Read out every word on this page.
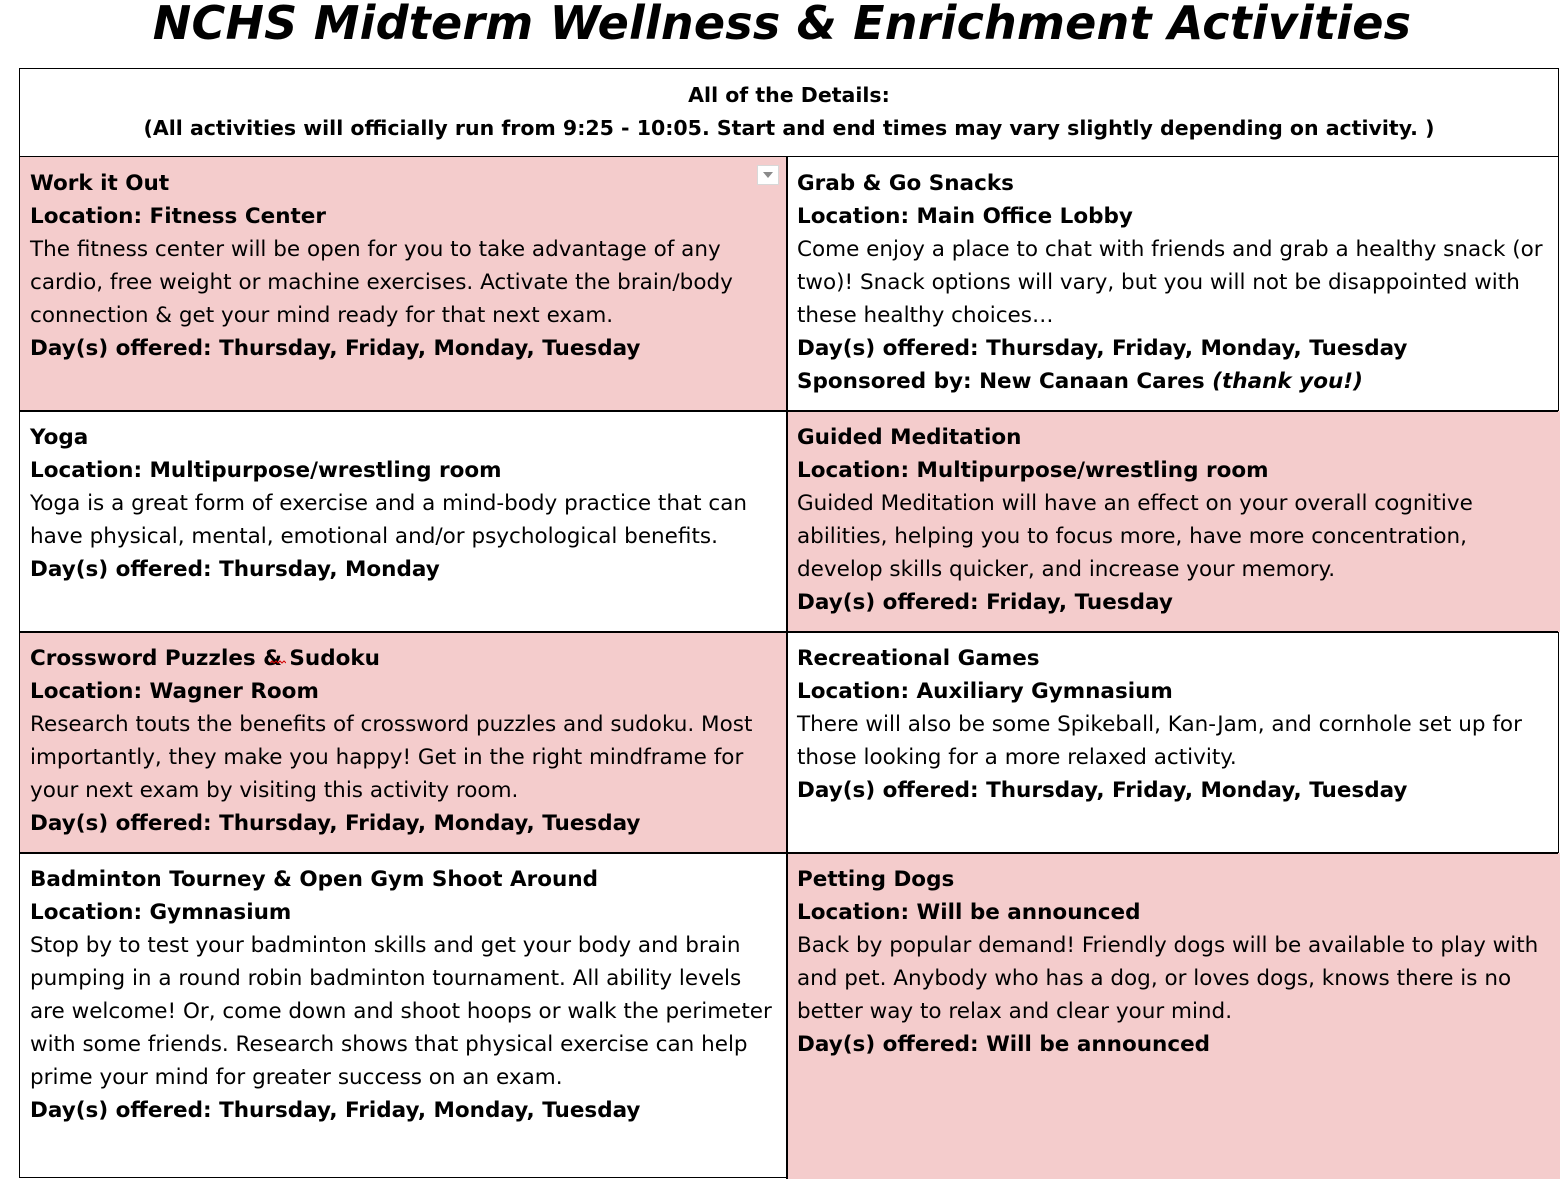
NCHS Midterm Wellness & Enrichment Activities
All of the Details:
(All activities will officially run from 9:25 - 10:05. Start and end times may vary slightly depending on activity. )
Work it Out
Location: Fitness Center
The fitness center will be open for you to take advantage of any cardio, free weight or machine exercises. Activate the brain/body connection & get your mind ready for that next exam.
Day(s) offered: Thursday, Friday, Monday, Tuesday
Grab & Go Snacks
Location: Main Office Lobby
Come enjoy a place to chat with friends and grab a healthy snack (or two)! Snack options will vary, but you will not be disappointed with these healthy choices…
Day(s) offered: Thursday, Friday, Monday, Tuesday
Sponsored by: New Canaan Cares (thank you!)
Yoga
Location: Multipurpose/wrestling room
Yoga is a great form of exercise and a mind-body practice that can have physical, mental, emotional and/or psychological benefits.
Day(s) offered: Thursday, Monday
Guided Meditation
Location: Multipurpose/wrestling room
Guided Meditation will have an effect on your overall cognitive abilities, helping you to focus more, have more concentration, develop skills quicker, and increase your memory.
Day(s) offered: Friday, Tuesday
Crossword Puzzles & Sudoku
Location: Wagner Room
Research touts the benefits of crossword puzzles and sudoku. Most importantly, they make you happy! Get in the right mindframe for your next exam by visiting this activity room.
Day(s) offered: Thursday, Friday, Monday, Tuesday
Recreational Games
Location: Auxiliary Gymnasium
There will also be some Spikeball, Kan-Jam, and cornhole set up for those looking for a more relaxed activity.
Day(s) offered: Thursday, Friday, Monday, Tuesday
Badminton Tourney & Open Gym Shoot Around
Location: Gymnasium
Stop by to test your badminton skills and get your body and brain pumping in a round robin badminton tournament. All ability levels are welcome! Or, come down and shoot hoops or walk the perimeter with some friends. Research shows that physical exercise can help prime your mind for greater success on an exam.
Day(s) offered: Thursday, Friday, Monday, Tuesday
Petting Dogs
Location: Will be announced
Back by popular demand! Friendly dogs will be available to play with and pet. Anybody who has a dog, or loves dogs, knows there is no better way to relax and clear your mind.
Day(s) offered: Will be announced
